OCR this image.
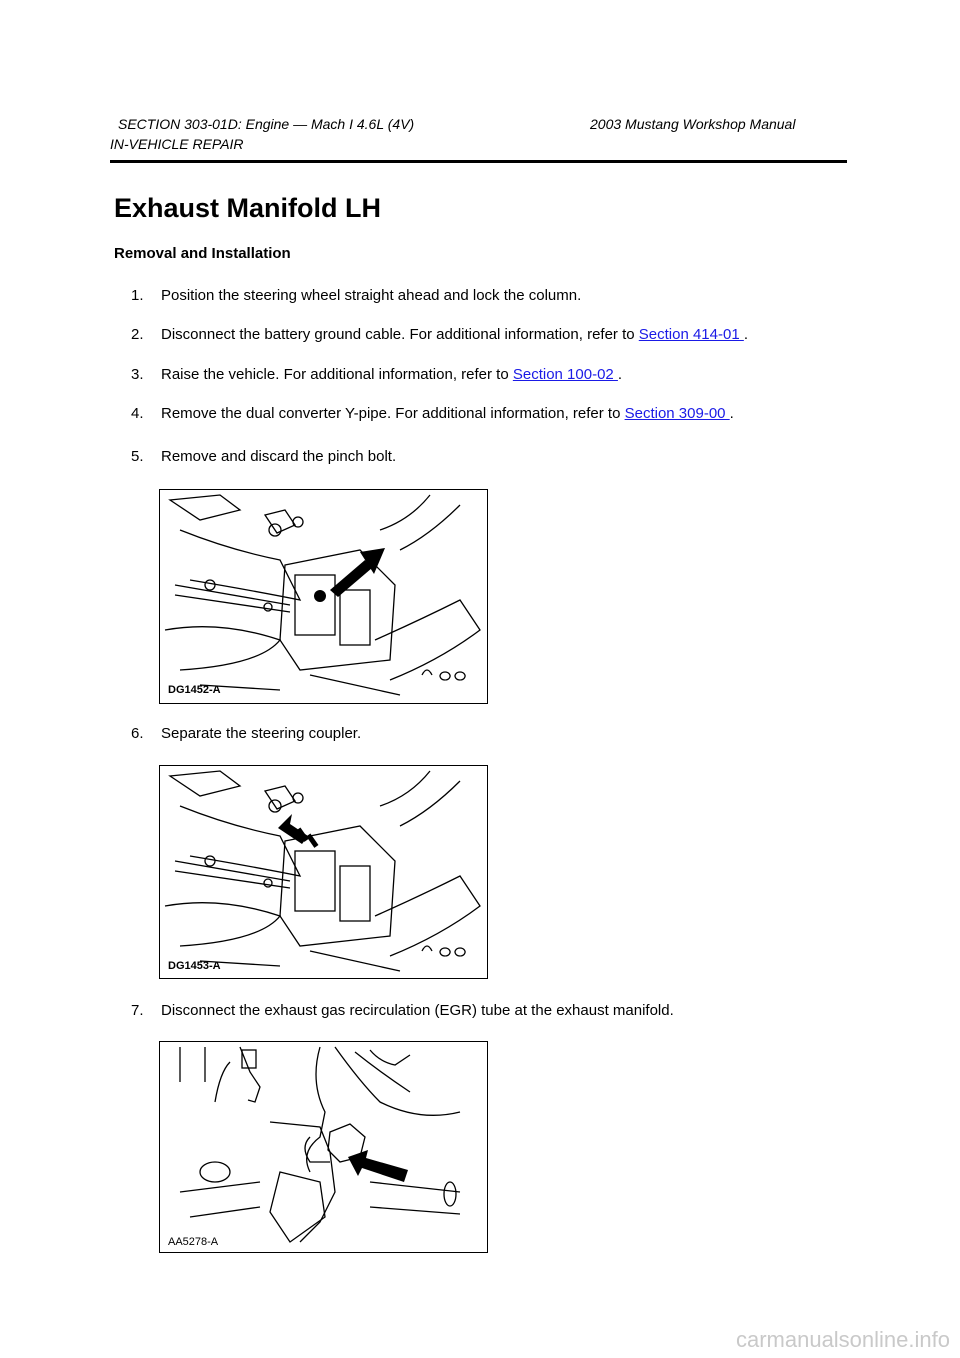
SECTION 303-01D: Engine — Mach I 4.6L (4V)	2003 Mustang Workshop Manual
IN-VEHICLE REPAIR
Exhaust Manifold LH
Removal and Installation
1. Position the steering wheel straight ahead and lock the column.
2. Disconnect the battery ground cable. For additional information, refer to Section 414-01 .
3. Raise the vehicle. For additional information, refer to Section 100-02 .
4. Remove the dual converter Y-pipe. For additional information, refer to Section 309-00 .
5. Remove and discard the pinch bolt.
DG1452-A
6. Separate the steering coupler.
DG1453-A
7. Disconnect the exhaust gas recirculation (EGR) tube at the exhaust manifold.
AA5278-A
carmanualsonline.info
